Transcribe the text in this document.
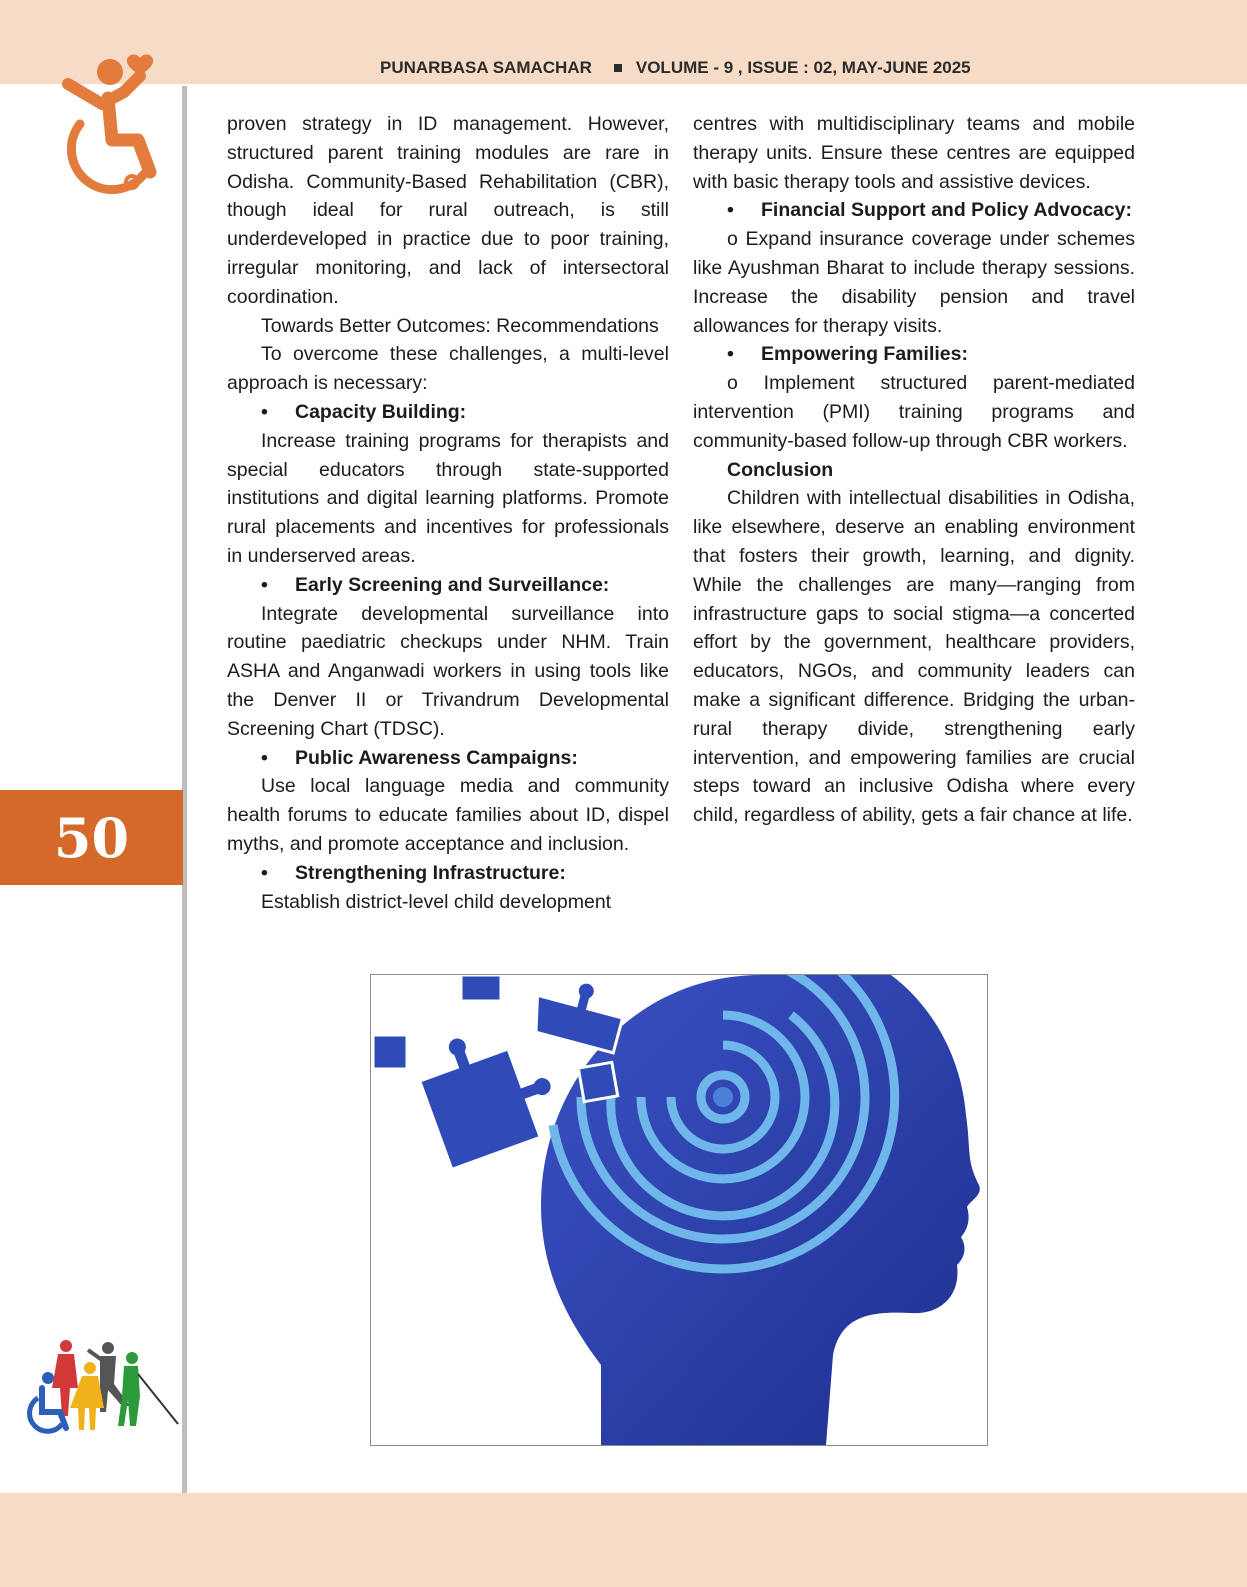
PUNARBASA SAMACHAR	VOLUME - 9 , ISSUE : 02, MAY-JUNE 2025
50

proven strategy in ID management. However, structured parent training modules are rare in Odisha. Community-Based Rehabilitation (CBR), though ideal for rural outreach, is still underdeveloped in practice due to poor training, irregular monitoring, and lack of intersectoral coordination.

Towards Better Outcomes: Recommendations

To overcome these challenges, a multi-level approach is necessary:

• Capacity Building:

Increase training programs for therapists and special educators through state-supported institutions and digital learning platforms. Promote rural placements and incentives for professionals in underserved areas.

• Early Screening and Surveillance:

Integrate developmental surveillance into routine paediatric checkups under NHM. Train ASHA and Anganwadi workers in using tools like the Denver II or Trivandrum Developmental Screening Chart (TDSC).

• Public Awareness Campaigns:

Use local language media and community health forums to educate families about ID, dispel myths, and promote acceptance and inclusion.

• Strengthening Infrastructure:

Establish district-level child development

centres with multidisciplinary teams and mobile therapy units. Ensure these centres are equipped with basic therapy tools and assistive devices.

• Financial Support and Policy Advocacy:

o Expand insurance coverage under schemes like Ayushman Bharat to include therapy sessions. Increase the disability pension and travel allowances for therapy visits.

• Empowering Families:

o Implement structured parent-mediated intervention (PMI) training programs and community-based follow-up through CBR workers.

Conclusion

Children with intellectual disabilities in Odisha, like elsewhere, deserve an enabling environment that fosters their growth, learning, and dignity. While the challenges are many—ranging from infrastructure gaps to social stigma—a concerted effort by the government, healthcare providers, educators, NGOs, and community leaders can make a significant difference. Bridging the urban-rural therapy divide, strengthening early intervention, and empowering families are crucial steps toward an inclusive Odisha where every child, regardless of ability, gets a fair chance at life.
